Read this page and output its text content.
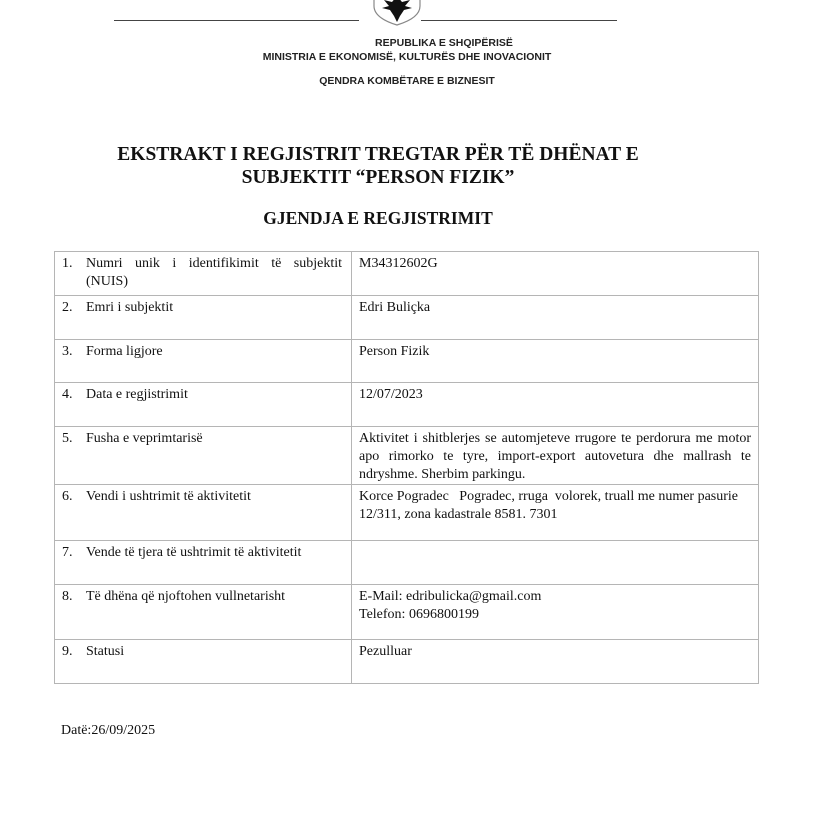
REPUBLIKA E SHQIPËRISË
MINISTRIA E EKONOMISË, KULTURËS DHE INOVACIONIT
QENDRA KOMBËTARE E BIZNESIT
EKSTRAKT I REGJISTRIT TREGTAR PËR TË DHËNAT E
SUBJEKTIT “PERSON FIZIK”
GJENDJA E REGJISTRIMIT
1. Numri unik i identifikimit të subjektit (NUIS)	M34312602G
2. Emri i subjektit	Edri Buliçka
3. Forma ligjore	Person Fizik
4. Data e regjistrimit	12/07/2023
5. Fusha e veprimtarisë	Aktivitet i shitblerjes se automjeteve rrugore te perdorura me motor apo rimorko te tyre, import-export autovetura dhe mallrash te ndryshme. Sherbim parkingu.
6. Vendi i ushtrimit të aktivitetit	Korce Pogradec   Pogradec, rruga  volorek, truall me numer pasurie 12/311, zona kadastrale 8581. 7301
7. Vende të tjera të ushtrimit të aktivitetit	
8. Të dhëna që njoftohen vullnetarisht	E-Mail: edribulicka@gmail.com
Telefon: 0696800199

9. Statusi	Pezulluar
Datë:26/09/2025
